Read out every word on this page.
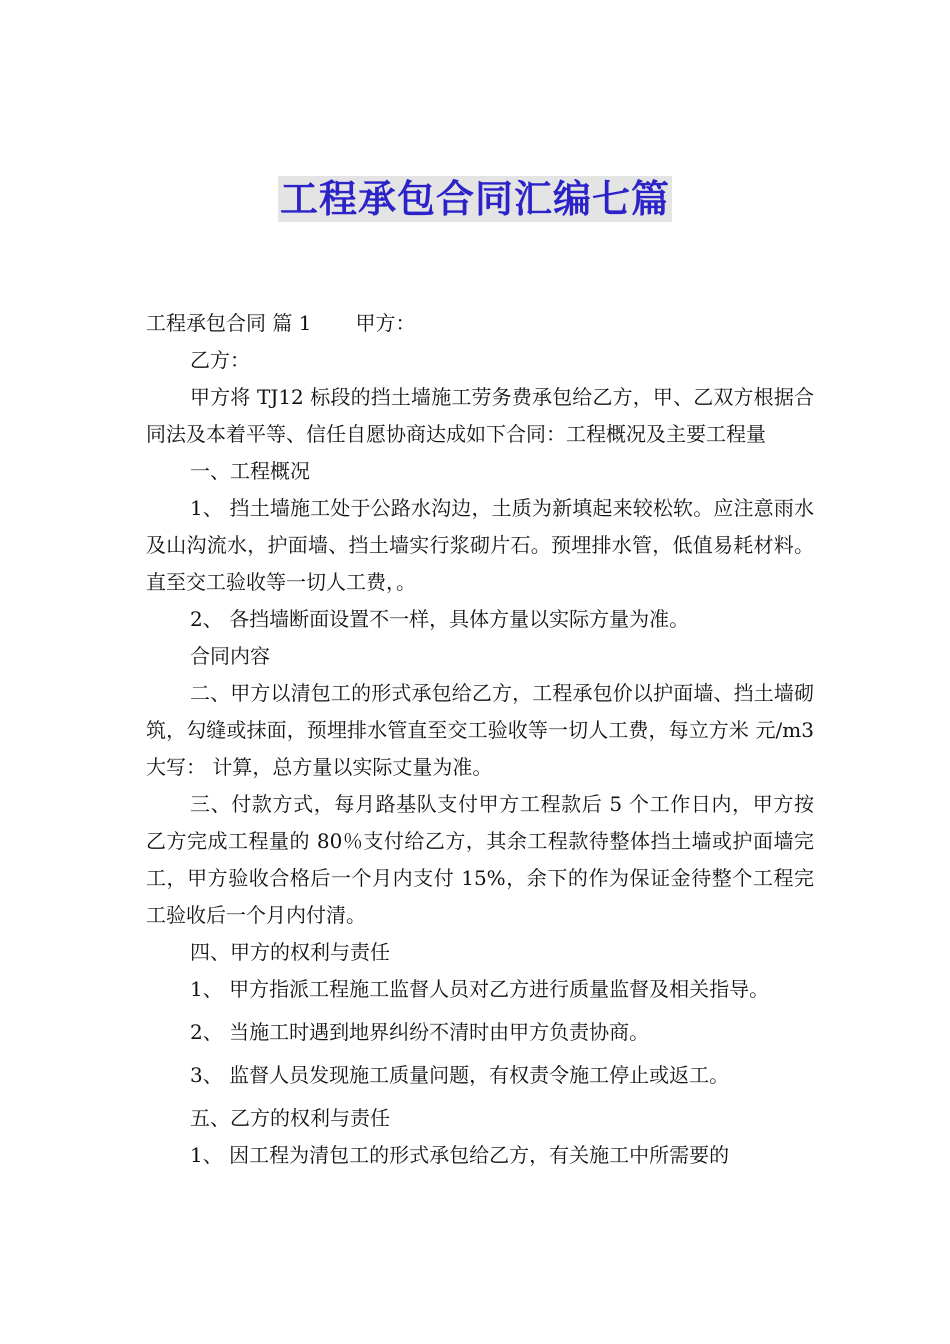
工程承包合同汇编七篇

工程承包合同 篇 1 甲方：

乙方：

甲方将 TJ12 标段的挡土墙施工劳务费承包给乙方，甲、乙双方根据合同法及本着平等、信任自愿协商达成如下合同：工程概况及主要工程量

一、工程概况

1、 挡土墙施工处于公路水沟边，土质为新填起来较松软。应注意雨水及山沟流水，护面墙、挡土墙实行浆砌片石。预埋排水管，低值易耗材料。直至交工验收等一切人工费，。

2、 各挡墙断面设置不一样，具体方量以实际方量为准。

合同内容

二、甲方以清包工的形式承包给乙方，工程承包价以护面墙、挡土墙砌筑，勾缝或抹面，预埋排水管直至交工验收等一切人工费，每立方米 元/m3 大写： 计算，总方量以实际丈量为准。

三、付款方式，每月路基队支付甲方工程款后 5 个工作日内，甲方按乙方完成工程量的 80％支付给乙方，其余工程款待整体挡土墙或护面墙完工，甲方验收合格后一个月内支付 15%，余下的作为保证金待整个工程完工验收后一个月内付清。

四、甲方的权利与责任

1、 甲方指派工程施工监督人员对乙方进行质量监督及相关指导。

2、 当施工时遇到地界纠纷不清时由甲方负责协商。

3、 监督人员发现施工质量问题，有权责令施工停止或返工。

五、乙方的权利与责任

1、 因工程为清包工的形式承包给乙方，有关施工中所需要的
